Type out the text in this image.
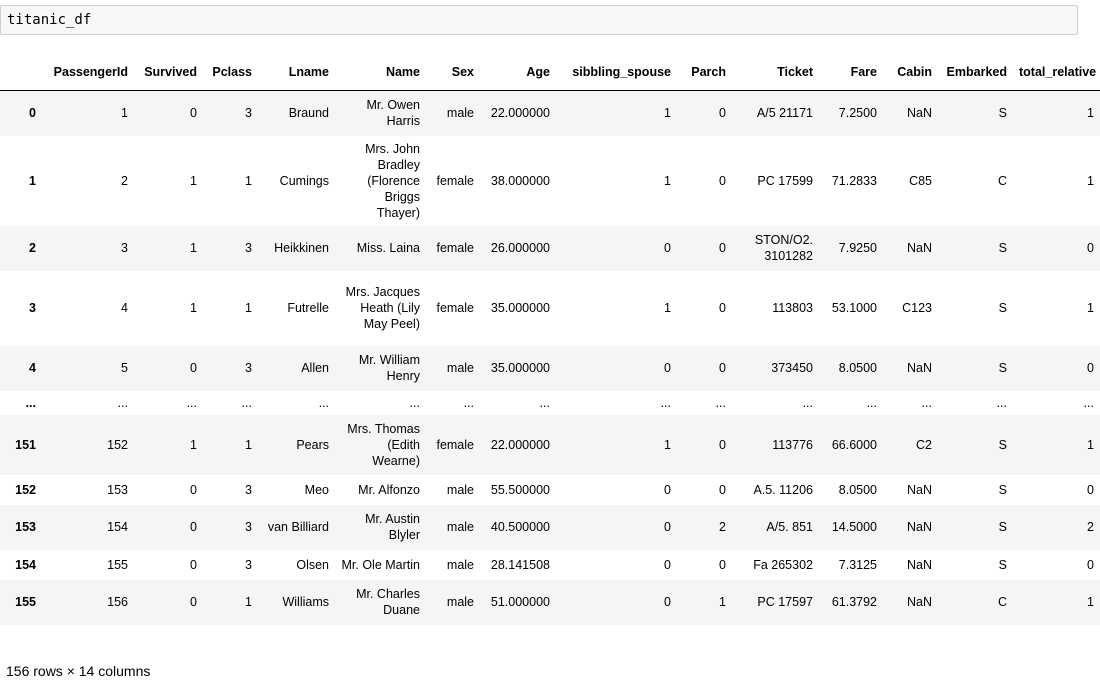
titanic_df
	PassengerId	Survived	Pclass	Lname	Name	Sex	Age	sibbling_spouse	Parch	Ticket	Fare	Cabin	Embarked	total_relative
0	1	0	3	Braund	Mr. Owen Harris	male	22.000000	1	0	A/5 21171	7.2500	NaN	S	1
1	2	1	1	Cumings	Mrs. John Bradley (Florence Briggs Thayer)	female	38.000000	1	0	PC 17599	71.2833	C85	C	1
2	3	1	3	Heikkinen	Miss. Laina	female	26.000000	0	0	STON/O2. 3101282	7.9250	NaN	S	0
3	4	1	1	Futrelle	Mrs. Jacques Heath (Lily May Peel)	female	35.000000	1	0	113803	53.1000	C123	S	1
4	5	0	3	Allen	Mr. William Henry	male	35.000000	0	0	373450	8.0500	NaN	S	0
...	...	...	...	...	...	...	...	...	...	...	...	...	...	...
151	152	1	1	Pears	Mrs. Thomas (Edith Wearne)	female	22.000000	1	0	113776	66.6000	C2	S	1
152	153	0	3	Meo	Mr. Alfonzo	male	55.500000	0	0	A.5. 11206	8.0500	NaN	S	0
153	154	0	3	van Billiard	Mr. Austin Blyler	male	40.500000	0	2	A/5. 851	14.5000	NaN	S	2
154	155	0	3	Olsen	Mr. Ole Martin	male	28.141508	0	0	Fa 265302	7.3125	NaN	S	0
155	156	0	1	Williams	Mr. Charles Duane	male	51.000000	0	1	PC 17597	61.3792	NaN	C	1
156 rows × 14 columns
